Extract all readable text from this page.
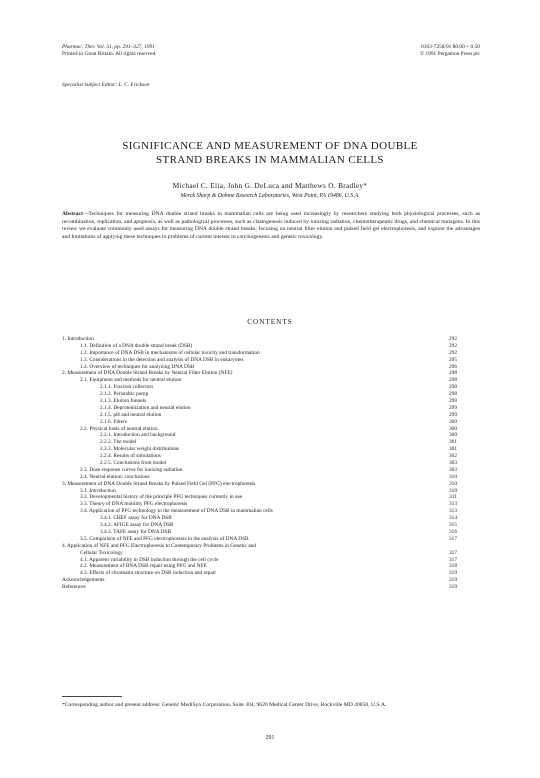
Pharmac. Ther. Vol. 51, pp. 291–327, 1991
Printed in Great Britain. All rights reserved.
0163-7258/91 $0.00 + 0.50
© 1991 Pergamon Press plc
Specialist Subject Editor: L. C. Erickson
SIGNIFICANCE AND MEASUREMENT OF DNA DOUBLE
STRAND BREAKS IN MAMMALIAN CELLS
Michael C. Elia, John G. DeLuca and Matthews O. Bradley*
Merck Sharp & Dohme Research Laboratories, West Point, PA 19486, U.S.A.
Abstract—Techniques for measuring DNA double strand breaks in mammalian cells are being used increasingly by researchers studying both physiological processes, such as recombination, replication, and apoptosis, as well as pathological processes, such as clastogenesis induced by ionizing radiation, chemotherapeutic drugs, and chemical mutagens. In this review we evaluate commonly used assays for measuring DNA double strand breaks, focusing on neutral filter elution and pulsed field gel electrophoresis, and explore the advantages and limitations of applying these techniques to problems of current interest in carcinogenesis and genetic toxicology.
CONTENTS
1. Introduction	292
1.1. Definition of a DNA double strand break (DSB)	292
1.2. Importance of DNA DSB in mechanisms of cellular toxicity and transformation	292
1.3. Considerations in the detection and analysis of DNA DSB in eukaryotes	295
1.4. Overview of techniques for analyzing DNA DSB	296
2. Measurement of DNA Double Strand Breaks by Neutral Filter Elution (NFE)	298
2.1. Equipment and methods for neutral elution	298
2.1.1. Fraction collectors	298
2.1.2. Peristaltic pump	298
2.1.3. Elution funnels	298
2.1.4. Deproteinization and neutral elution	299
2.1.5. pH and neutral elution	299
2.1.6. Filters	300
2.2. Physical basis of neutral elution	300
2.2.1. Introduction and background	300
2.2.2. The model	301
2.2.3. Molecular weight distributions	301
2.2.4. Results of simulations	302
2.2.5. Conclusions from model	303
2.3. Dose response curves for ionizing radiation	303
2.4. Neutral elution: conclusions	310
3. Measurement of DNA Double Strand Breaks by Pulsed Field Gel (PFG) electrophoresis	310
3.1. Introduction	310
3.2. Developmental history of the principle PFG techniques currently in use	311
3.3. Theory of DNA mobility PFG electrophoresis	313
3.4. Application of PFG technology to the measurement of DNA DSB in mammalian cells	313
3.4.1. CHEF assay for DNA DSB	314
3.4.2. AFIGE assay for DNA DSB	315
3.4.3. TAFE assay for DNA DSB	316
3.5. Comparison of NFE and PFG electrophoresis in the analysis of DNA DSB	317
4. Application of NFE and PFG Electrophoresis to Contemporary Problems in Genetic and
Cellular Toxicology	317
4.1. Apparent variability in DSB induction through the cell cycle	317
4.2. Measurement of DNA DSB repair using PFG and NFE	318
4.3. Effects of chromatin structure on DSB induction and repair	319
Acknowledgements	319
References	319
*Corresponding author and present address: Genetic MediSyn Corporation, Suite 304, 9620 Medical Center Drive, Rockville MD 20850, U.S.A.
291
